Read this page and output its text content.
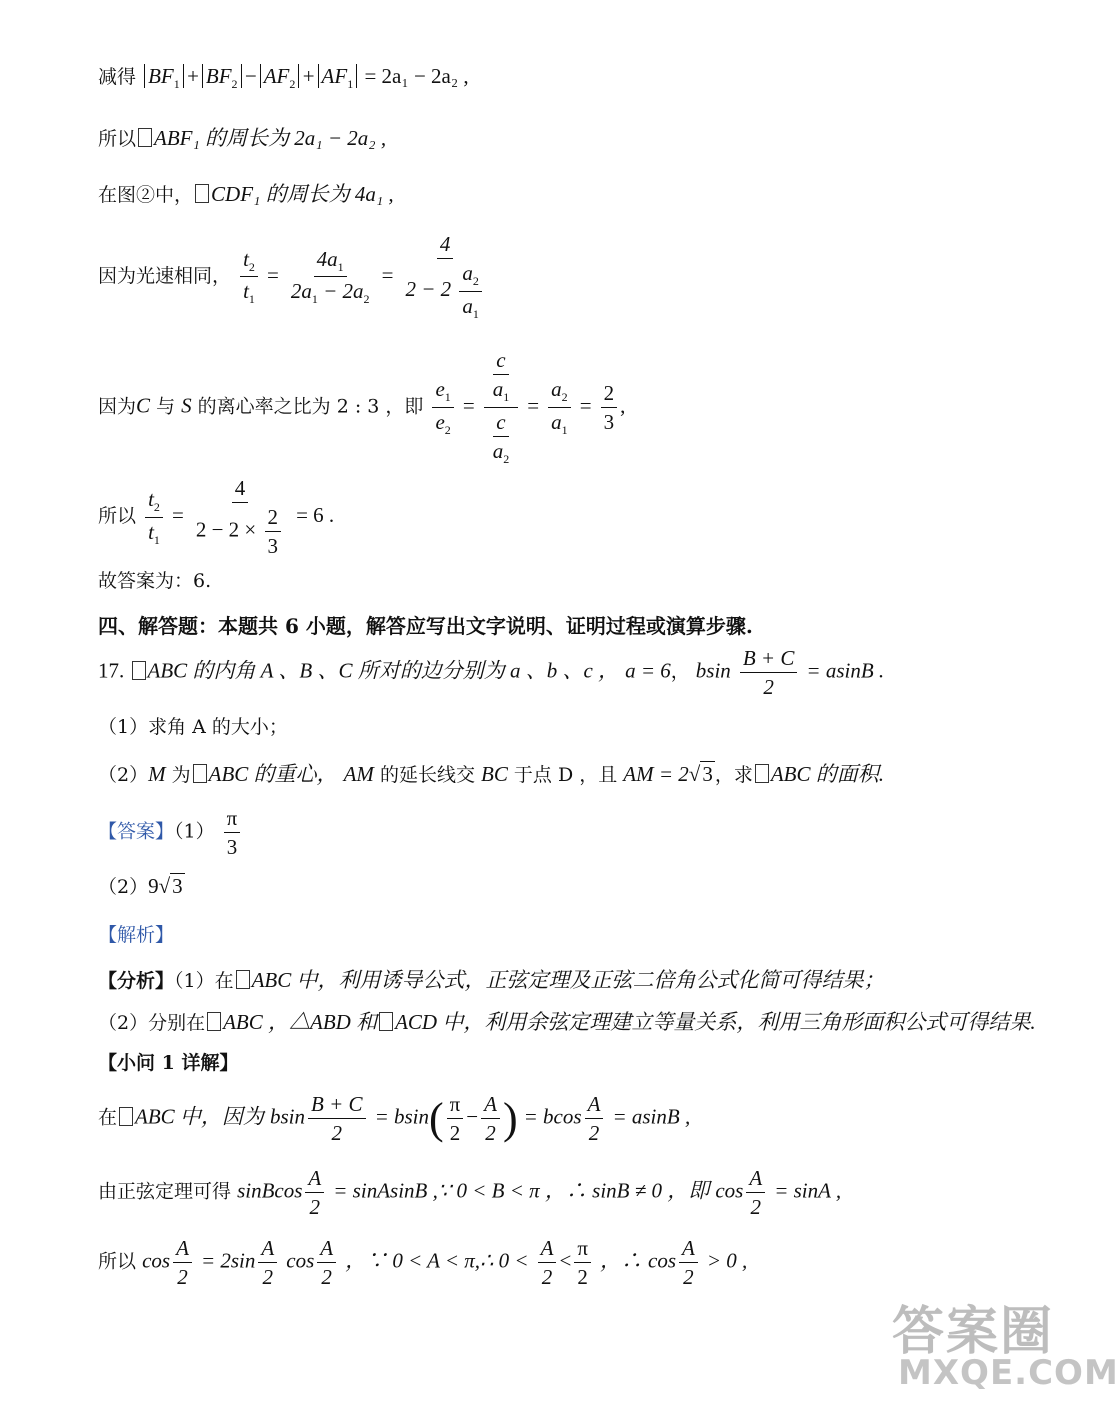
减得 $BF_1 + BF_2 - AF_2 + AF_1 = 2a_1 - 2a_2$ ,
所以 ABF₁ 的周长为 2a₁ − 2a₂ ,
在图②中， CDF₁ 的周长为 4a₁ ,
因为光速相同， $\frac{t_2}{t_1} = \frac{4a_1}{2a_1 - 2a_2} = \frac{4}{2 - 2 \frac{a_2}{a_1}}$
因为C 与 S 的离心率之比为 2 : 3 ，即 $\frac{e_1}{e_2} = \frac{\frac{c}{a_1}}{\frac{c}{a_2}} = \frac{a_2}{a_1} = \frac{2}{3}$ ,
所以 $\frac{t_2}{t_1} = \frac{4}{2 - 2 \times \frac{2}{3}} = 6$ .
故答案为：6.
四、解答题：本题共 6 小题，解答应写出文字说明、证明过程或演算步骤.
17. ABC 的内角 A 、B 、C 所对的边分别为 a 、b 、c ， a = 6， bsin $\frac{B + C}{2} = asinB$ .
（1）求角 A 的大小；
（2）M 为 ABC 的重心， AM 的延长线交 BC 于点 D ，且 AM = 2√3 ，求 ABC 的面积.
【答案】$(1) \frac{\pi}{3}$
（2）9√3
【解析】
【分析】（1）在 ABC 中，利用诱导公式，正弦定理及正弦二倍角公式化简可得结果；
（2）分别在 ABC ，△ABD 和 ACD 中，利用余弦定理建立等量关系，利用三角形面积公式可得结果.
【小问 1 详解】
在 ABC 中，因为 bsin $\frac{B + C}{2} = bsin( \frac{\pi}{2} - \frac{A}{2}$ ) = bcos $\frac{A}{2} = asinB$ ,
由正弦定理可得 sinBcos $\frac{A}{2}$ = sinAsinB ,∵ 0 < B < π ，∴ sinB ≠ 0 ，即 $\cos \frac{A}{2} = \sin A$ ,
所以 $\cos \frac{A}{2} = 2\sin \frac{A}{2}$ $\cos \frac{A}{2}$ ，∵ 0 < A < π,∴ $0 < \frac{A}{2} < \frac{\pi}{2}$ ，∴ $\cos \frac{A}{2} > 0$ ,
答案圈
MXQE.COM
